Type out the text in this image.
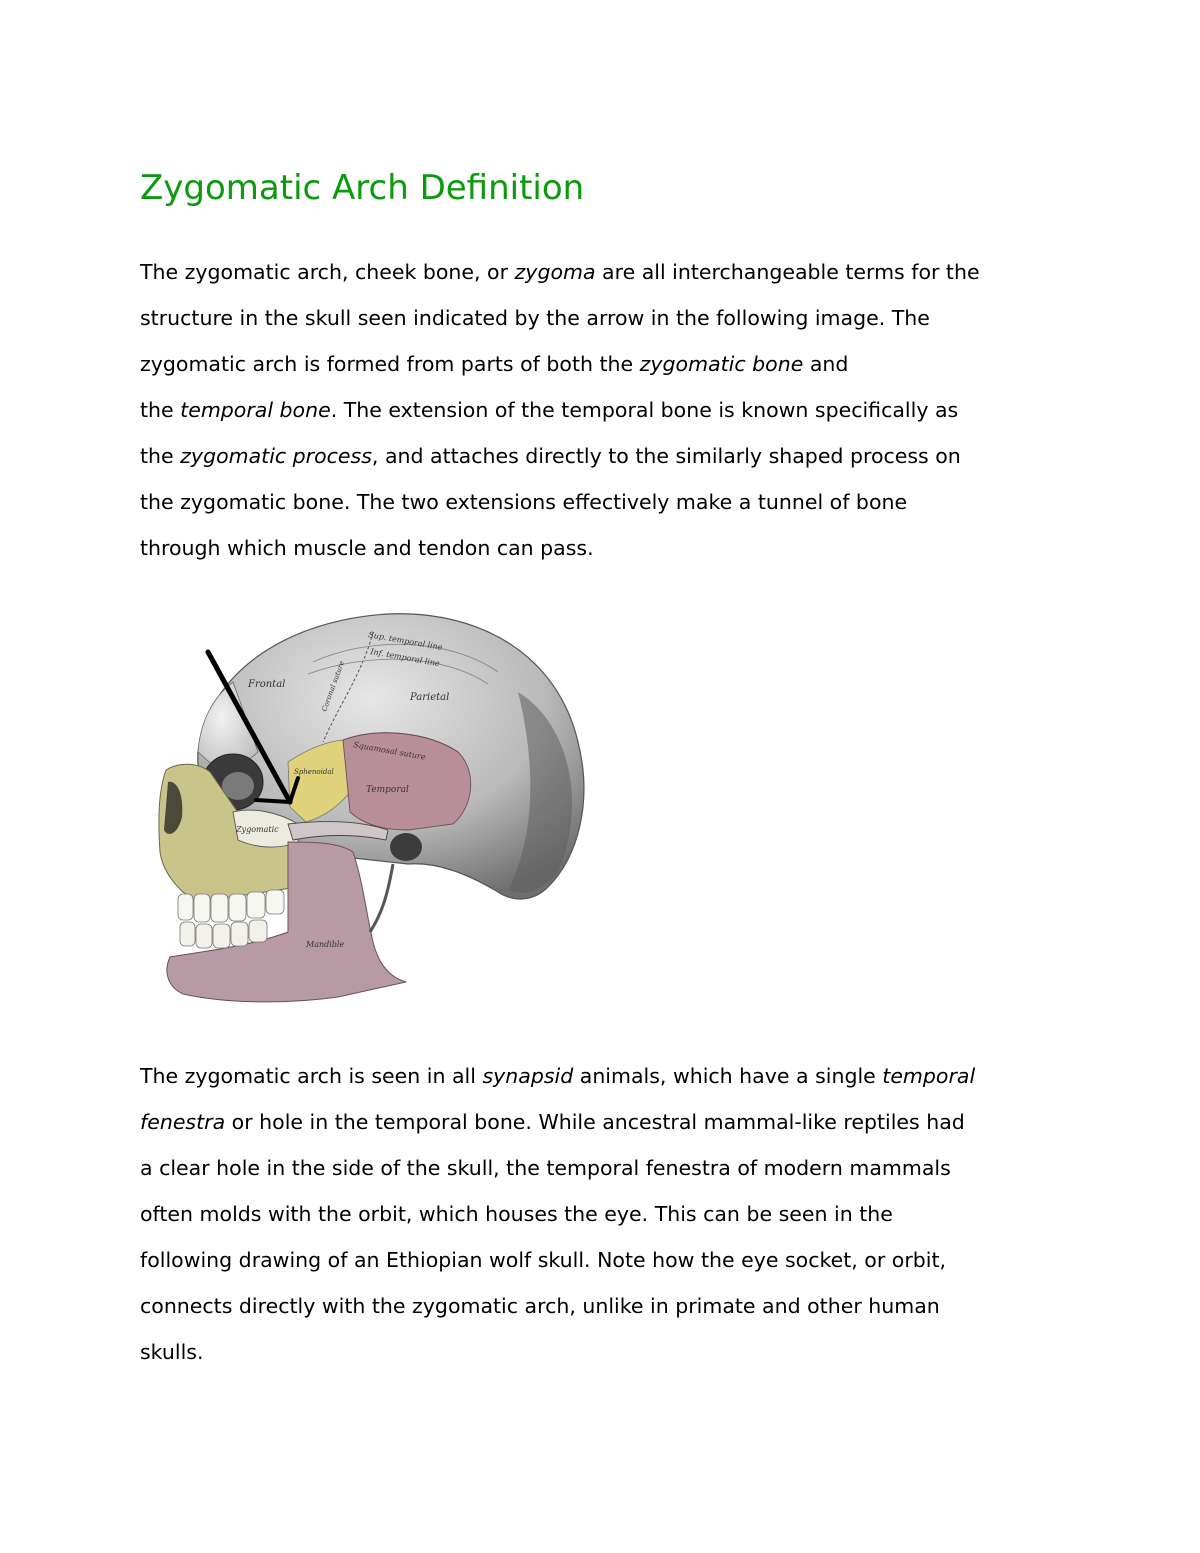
Zygomatic Arch Definition
The zygomatic arch, cheek bone, or zygoma are all interchangeable terms for the
structure in the skull seen indicated by the arrow in the following image. The
zygomatic arch is formed from parts of both the zygomatic bone and
the temporal bone. The extension of the temporal bone is known specifically as
the zygomatic process, and attaches directly to the similarly shaped process on
the zygomatic bone. The two extensions effectively make a tunnel of bone
through which muscle and tendon can pass.
Frontal
Parietal
Temporal
Squamosal suture
Sup. temporal line
Inf. temporal line
Coronal suture
Sphenoidal
Zygomatic
Mandible
The zygomatic arch is seen in all synapsid animals, which have a single temporal
fenestra or hole in the temporal bone. While ancestral mammal-like reptiles had
a clear hole in the side of the skull, the temporal fenestra of modern mammals
often molds with the orbit, which houses the eye. This can be seen in the
following drawing of an Ethiopian wolf skull. Note how the eye socket, or orbit,
connects directly with the zygomatic arch, unlike in primate and other human
skulls.
